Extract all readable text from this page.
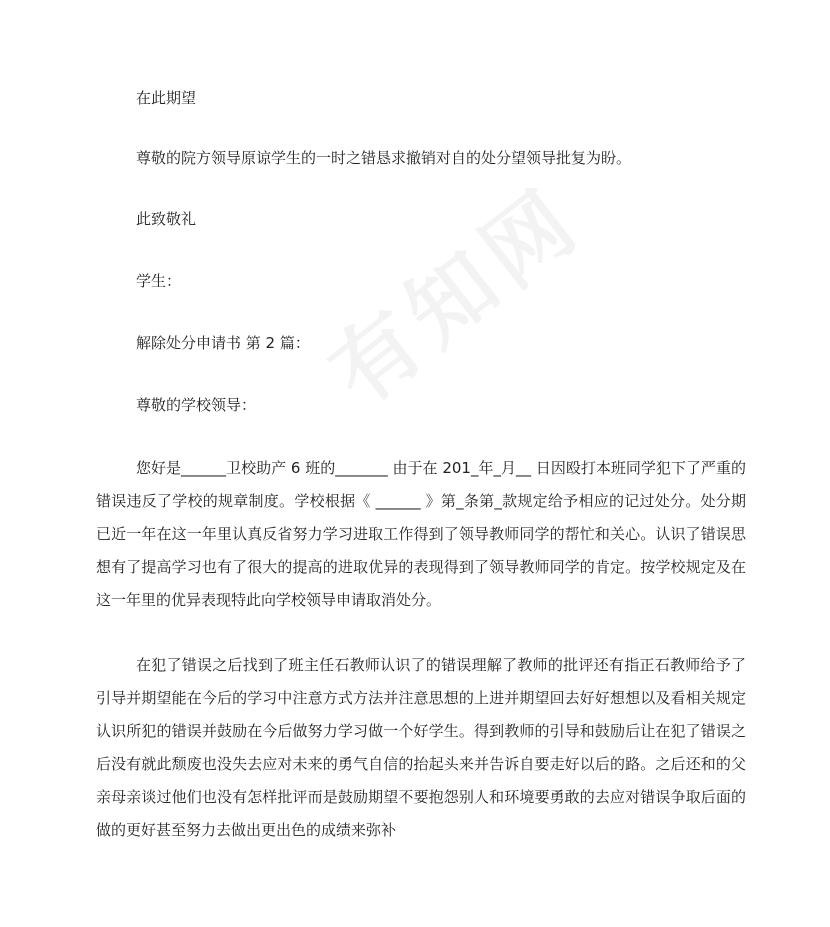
在此期望
尊敬的院方领导原谅学生的一时之错恳求撤销对自的处分望领导批复为盼。
此致敬礼
学生：
解除处分申请书 第 2 篇：
尊敬的学校领导：

您好是______卫校助产 6 班的_______ 由于在 201_年_月__ 日因殴打本班同学犯下了严重的错误违反了学校的规章制度。学校根据《 ______ 》第_条第_款规定给予相应的记过处分。处分期已近一年在这一年里认真反省努力学习进取工作得到了领导教师同学的帮忙和关心。认识了错误思想有了提高学习也有了很大的提高的进取优异的表现得到了领导教师同学的肯定。按学校规定及在这一年里的优异表现特此向学校领导申请取消处分。

在犯了错误之后找到了班主任石教师认识了的错误理解了教师的批评还有指正石教师给予了引导并期望能在今后的学习中注意方式方法并注意思想的上进并期望回去好好想想以及看相关规定认识所犯的错误并鼓励在今后做努力学习做一个好学生。得到教师的引导和鼓励后让在犯了错误之后没有就此颓废也没失去应对未来的勇气自信的抬起头来并告诉自要走好以后的路。之后还和的父亲母亲谈过他们也没有怎样批评而是鼓励期望不要抱怨别人和环境要勇敢的去应对错误争取后面的做的更好甚至努力去做出更出色的成绩来弥补
